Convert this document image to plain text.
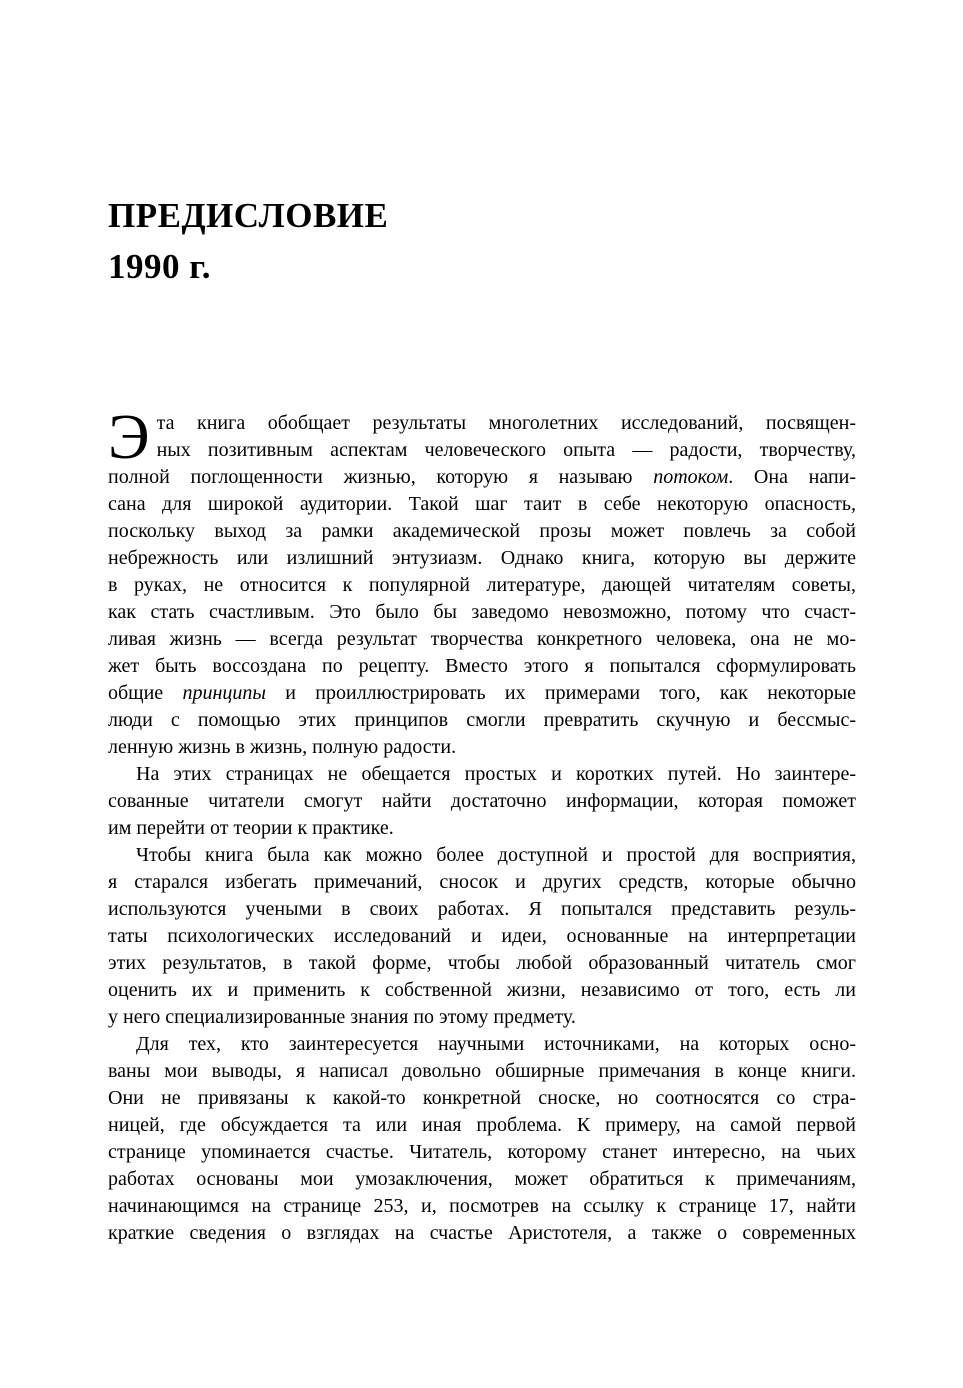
ПРЕДИСЛОВИЕ
1990 г.
Э та книга обобщает результаты многолетних исследований, посвящен-
ных позитивным аспектам человеческого опыта — радости, творчеству,
полной поглощенности жизнью, которую я называю потоком. Она напи-
сана для широкой аудитории. Такой шаг таит в себе некоторую опасность,
поскольку выход за рамки академической прозы может повлечь за собой
небрежность или излишний энтузиазм. Однако книга, которую вы держите
в руках, не относится к популярной литературе, дающей читателям советы,
как стать счастливым. Это было бы заведомо невозможно, потому что счаст-
ливая жизнь — всегда результат творчества конкретного человека, она не мо-
жет быть воссоздана по рецепту. Вместо этого я попытался сформулировать
общие принципы и проиллюстрировать их примерами того, как некоторые
люди с помощью этих принципов смогли превратить скучную и бессмыс-
ленную жизнь в жизнь, полную радости.
На этих страницах не обещается простых и коротких путей. Но заинтере-
сованные читатели смогут найти достаточно информации, которая поможет
им перейти от теории к практике.
Чтобы книга была как можно более доступной и простой для восприятия,
я старался избегать примечаний, сносок и других средств, которые обычно
используются учеными в своих работах. Я попытался представить резуль-
таты психологических исследований и идеи, основанные на интерпретации
этих результатов, в такой форме, чтобы любой образованный читатель смог
оценить их и применить к собственной жизни, независимо от того, есть ли
у него специализированные знания по этому предмету.
Для тех, кто заинтересуется научными источниками, на которых осно-
ваны мои выводы, я написал довольно обширные примечания в конце книги.
Они не привязаны к какой-то конкретной сноске, но соотносятся со стра-
ницей, где обсуждается та или иная проблема. К примеру, на самой первой
странице упоминается счастье. Читатель, которому станет интересно, на чьих
работах основаны мои умозаключения, может обратиться к примечаниям,
начинающимся на странице 253, и, посмотрев на ссылку к странице 17, найти
краткие сведения о взглядах на счастье Аристотеля, а также о современных
